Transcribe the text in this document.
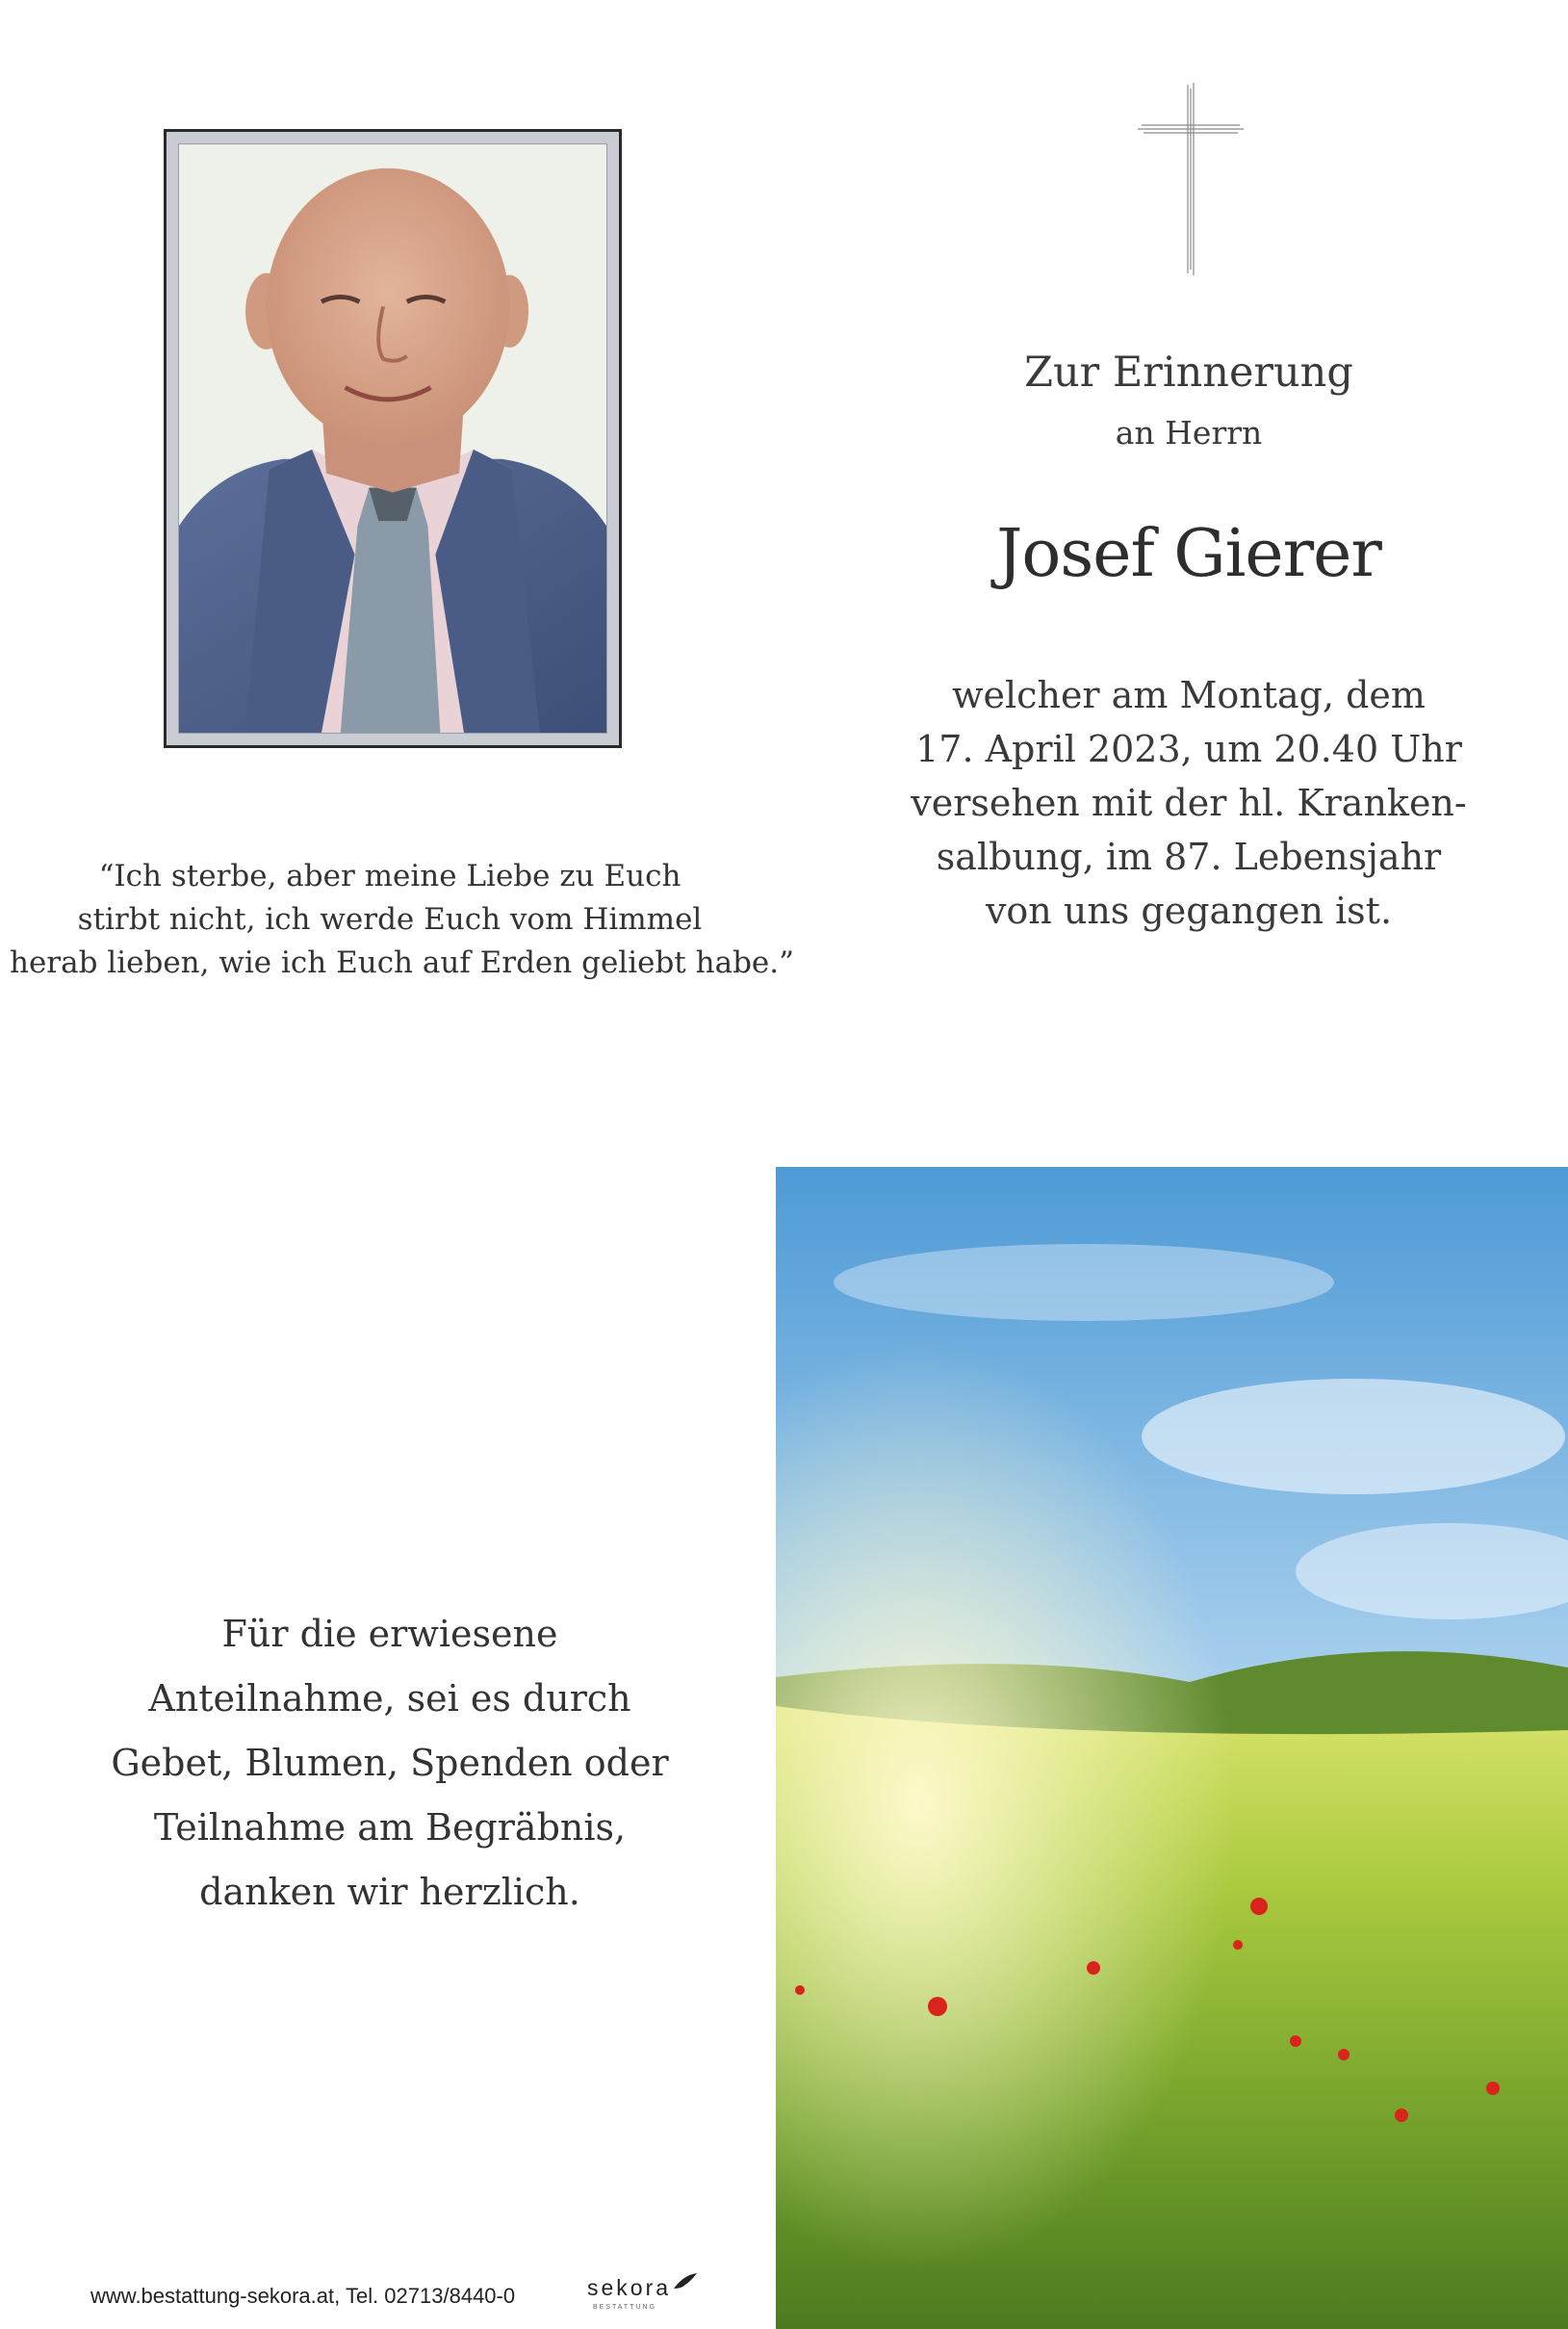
Zur Erinnerung
an Herrn
Josef Gierer
welcher am Montag, dem
17. April 2023, um 20.40 Uhr
versehen mit der hl. Kranken-
salbung, im 87. Lebensjahr
von uns gegangen ist.
“Ich sterbe, aber meine Liebe zu Euch
stirbt nicht, ich werde Euch vom Himmel
herab lieben, wie ich Euch auf Erden geliebt habe.”
Für die erwiesene
Anteilnahme, sei es durch
Gebet, Blumen, Spenden oder
Teilnahme am Begräbnis,
danken wir herzlich.
www.bestattung-sekora.at, Tel. 02713/8440-0	sekora
BESTATTUNG
